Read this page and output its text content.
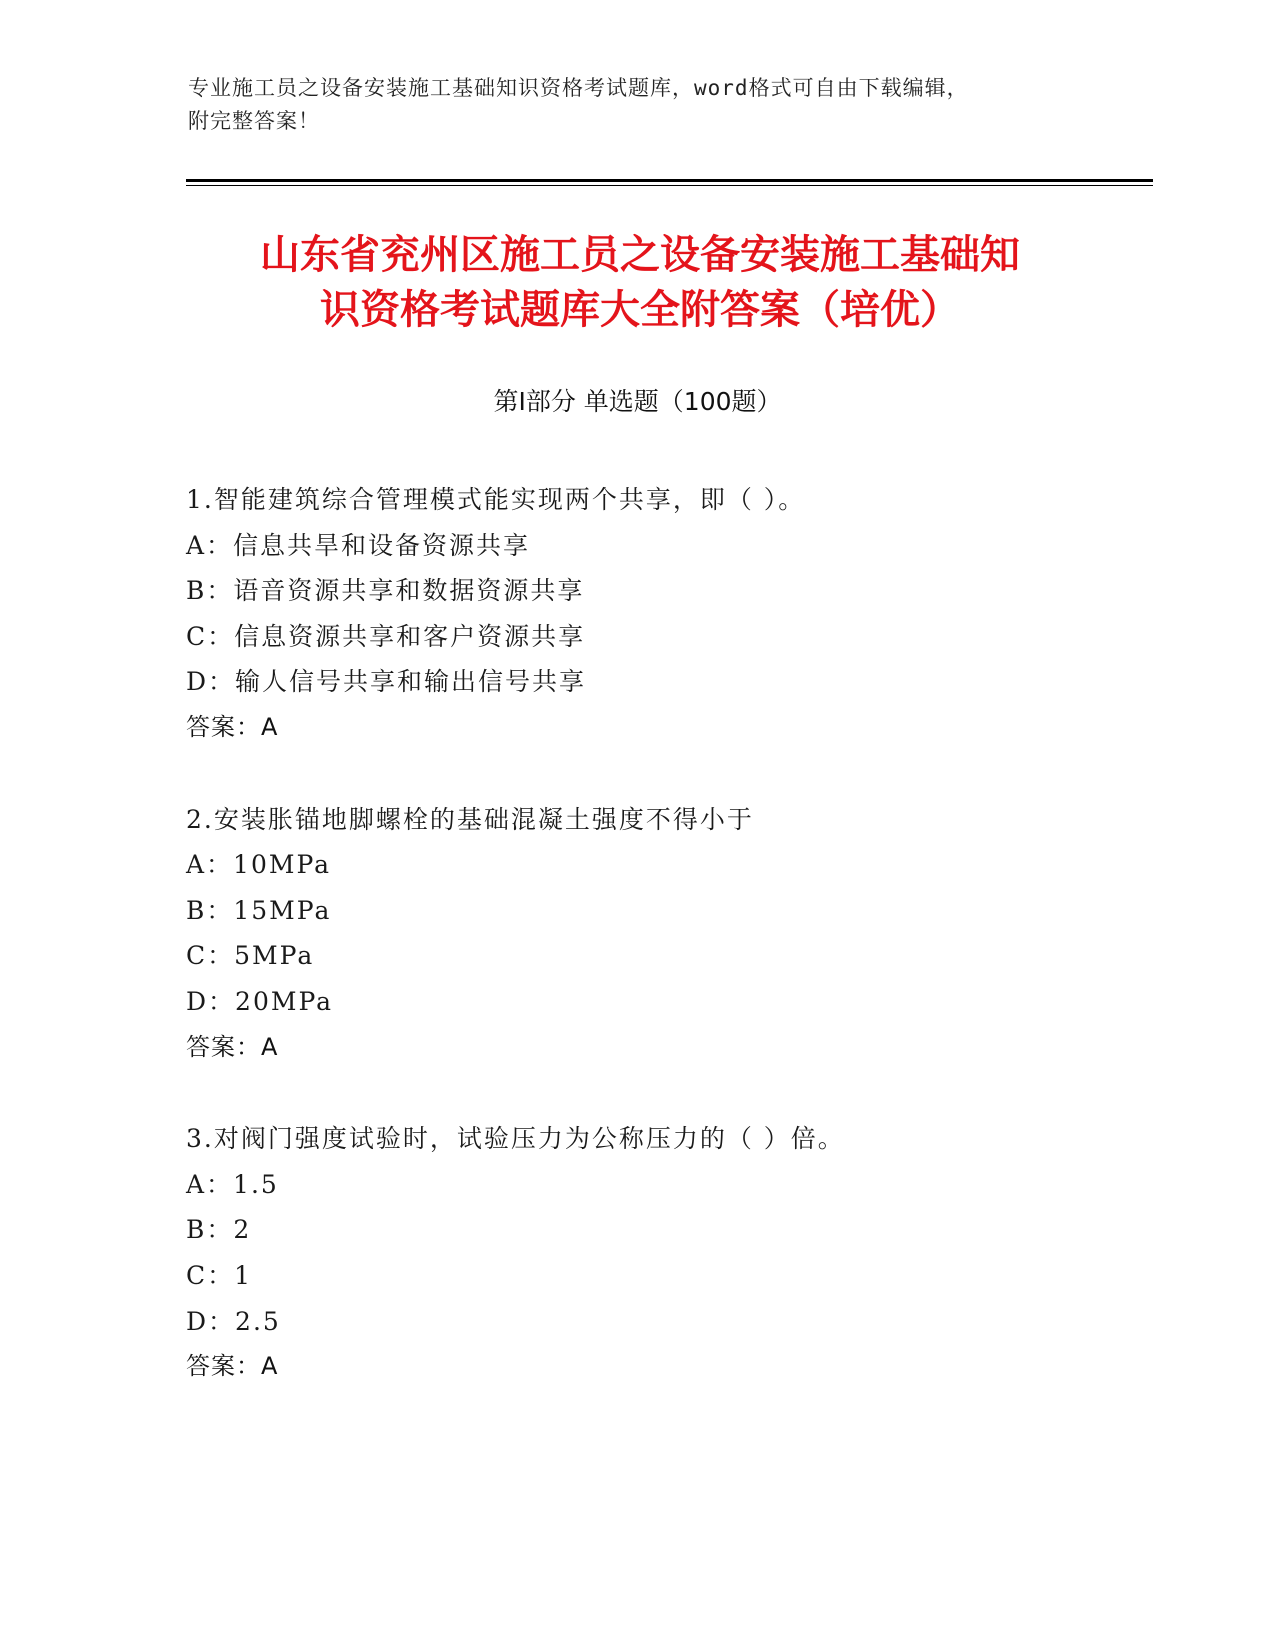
专业施工员之设备安装施工基础知识资格考试题库，word格式可自由下载编辑，
附完整答案！
山东省兖州区施工员之设备安装施工基础知
识资格考试题库大全附答案（培优）
第Ⅰ部分 单选题（100题）
1.智能建筑综合管理模式能实现两个共享，即（ ）。
A：信息共旱和设备资源共享
B：语音资源共享和数据资源共享
C：信息资源共享和客户资源共享
D：输人信号共享和输出信号共享
答案：A
2.安装胀锚地脚螺栓的基础混凝土强度不得小于
A：10MPa
B：15MPa
C：5MPa
D：20MPa
答案：A
3.对阀门强度试验时，试验压力为公称压力的（ ）倍。
A：1.5
B：2
C：1
D：2.5
答案：A
